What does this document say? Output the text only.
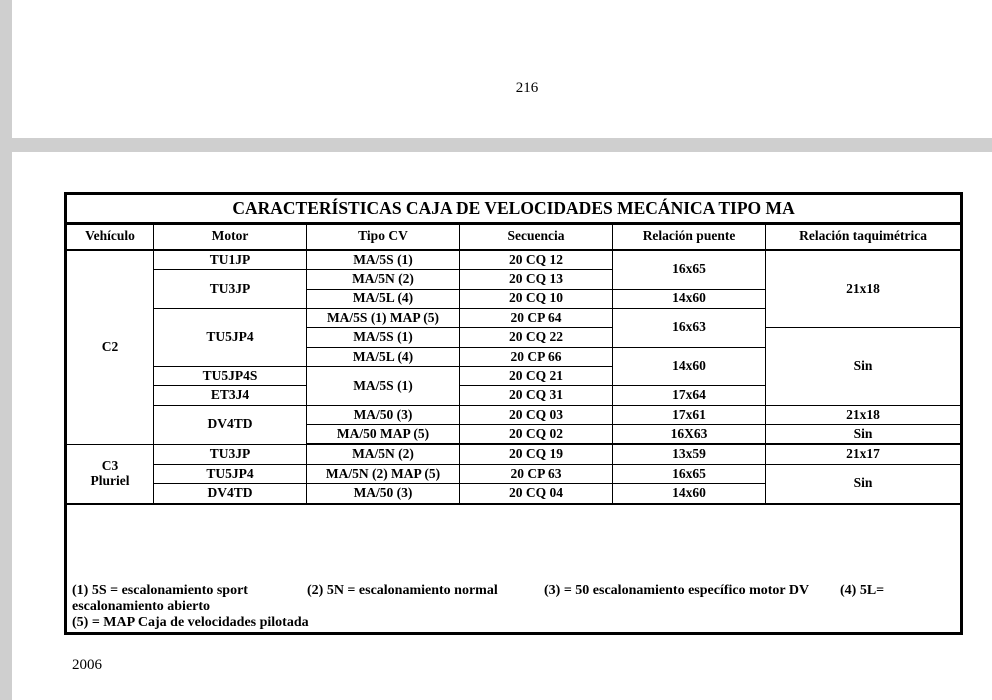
216
CARACTERÍSTICAS CAJA DE VELOCIDADES MECÁNICA TIPO MA					
Vehículo	Motor	Tipo CV	Secuencia	Relación puente	Relación taquimétrica
C2	TU1JP	MA/5S (1)	20 CQ 12	16x65	21x18
	TU3JP	MA/5N (2)	20 CQ 13		
		MA/5L (4)	20 CQ 10	14x60	
	TU5JP4	MA/5S (1) MAP (5)	20 CP 64	16x63	
		MA/5S (1)	20 CQ 22		Sin
		MA/5L (4)	20 CP 66	14x60	
	TU5JP4S	MA/5S (1)	20 CQ 21		
	ET3J4		20 CQ 31	17x64	
	DV4TD	MA/50 (3)	20 CQ 03	17x61	21x18
		MA/50 MAP (5)	20 CQ 02	16X63	Sin
C3
Pluriel	TU3JP	MA/5N (2)	20 CQ 19	13x59	21x17
	TU5JP4	MA/5N (2) MAP (5)	20 CP 63	16x65	Sin
	DV4TD	MA/50 (3)	20 CQ 04	14x60	

(1) 5S = escalonamiento sport (2) 5N = escalonamiento normal (3) = 50 escalonamiento específico motor DV (4) 5L=
escalonamiento abierto
(5) = MAP Caja de velocidades pilotada					
2006
